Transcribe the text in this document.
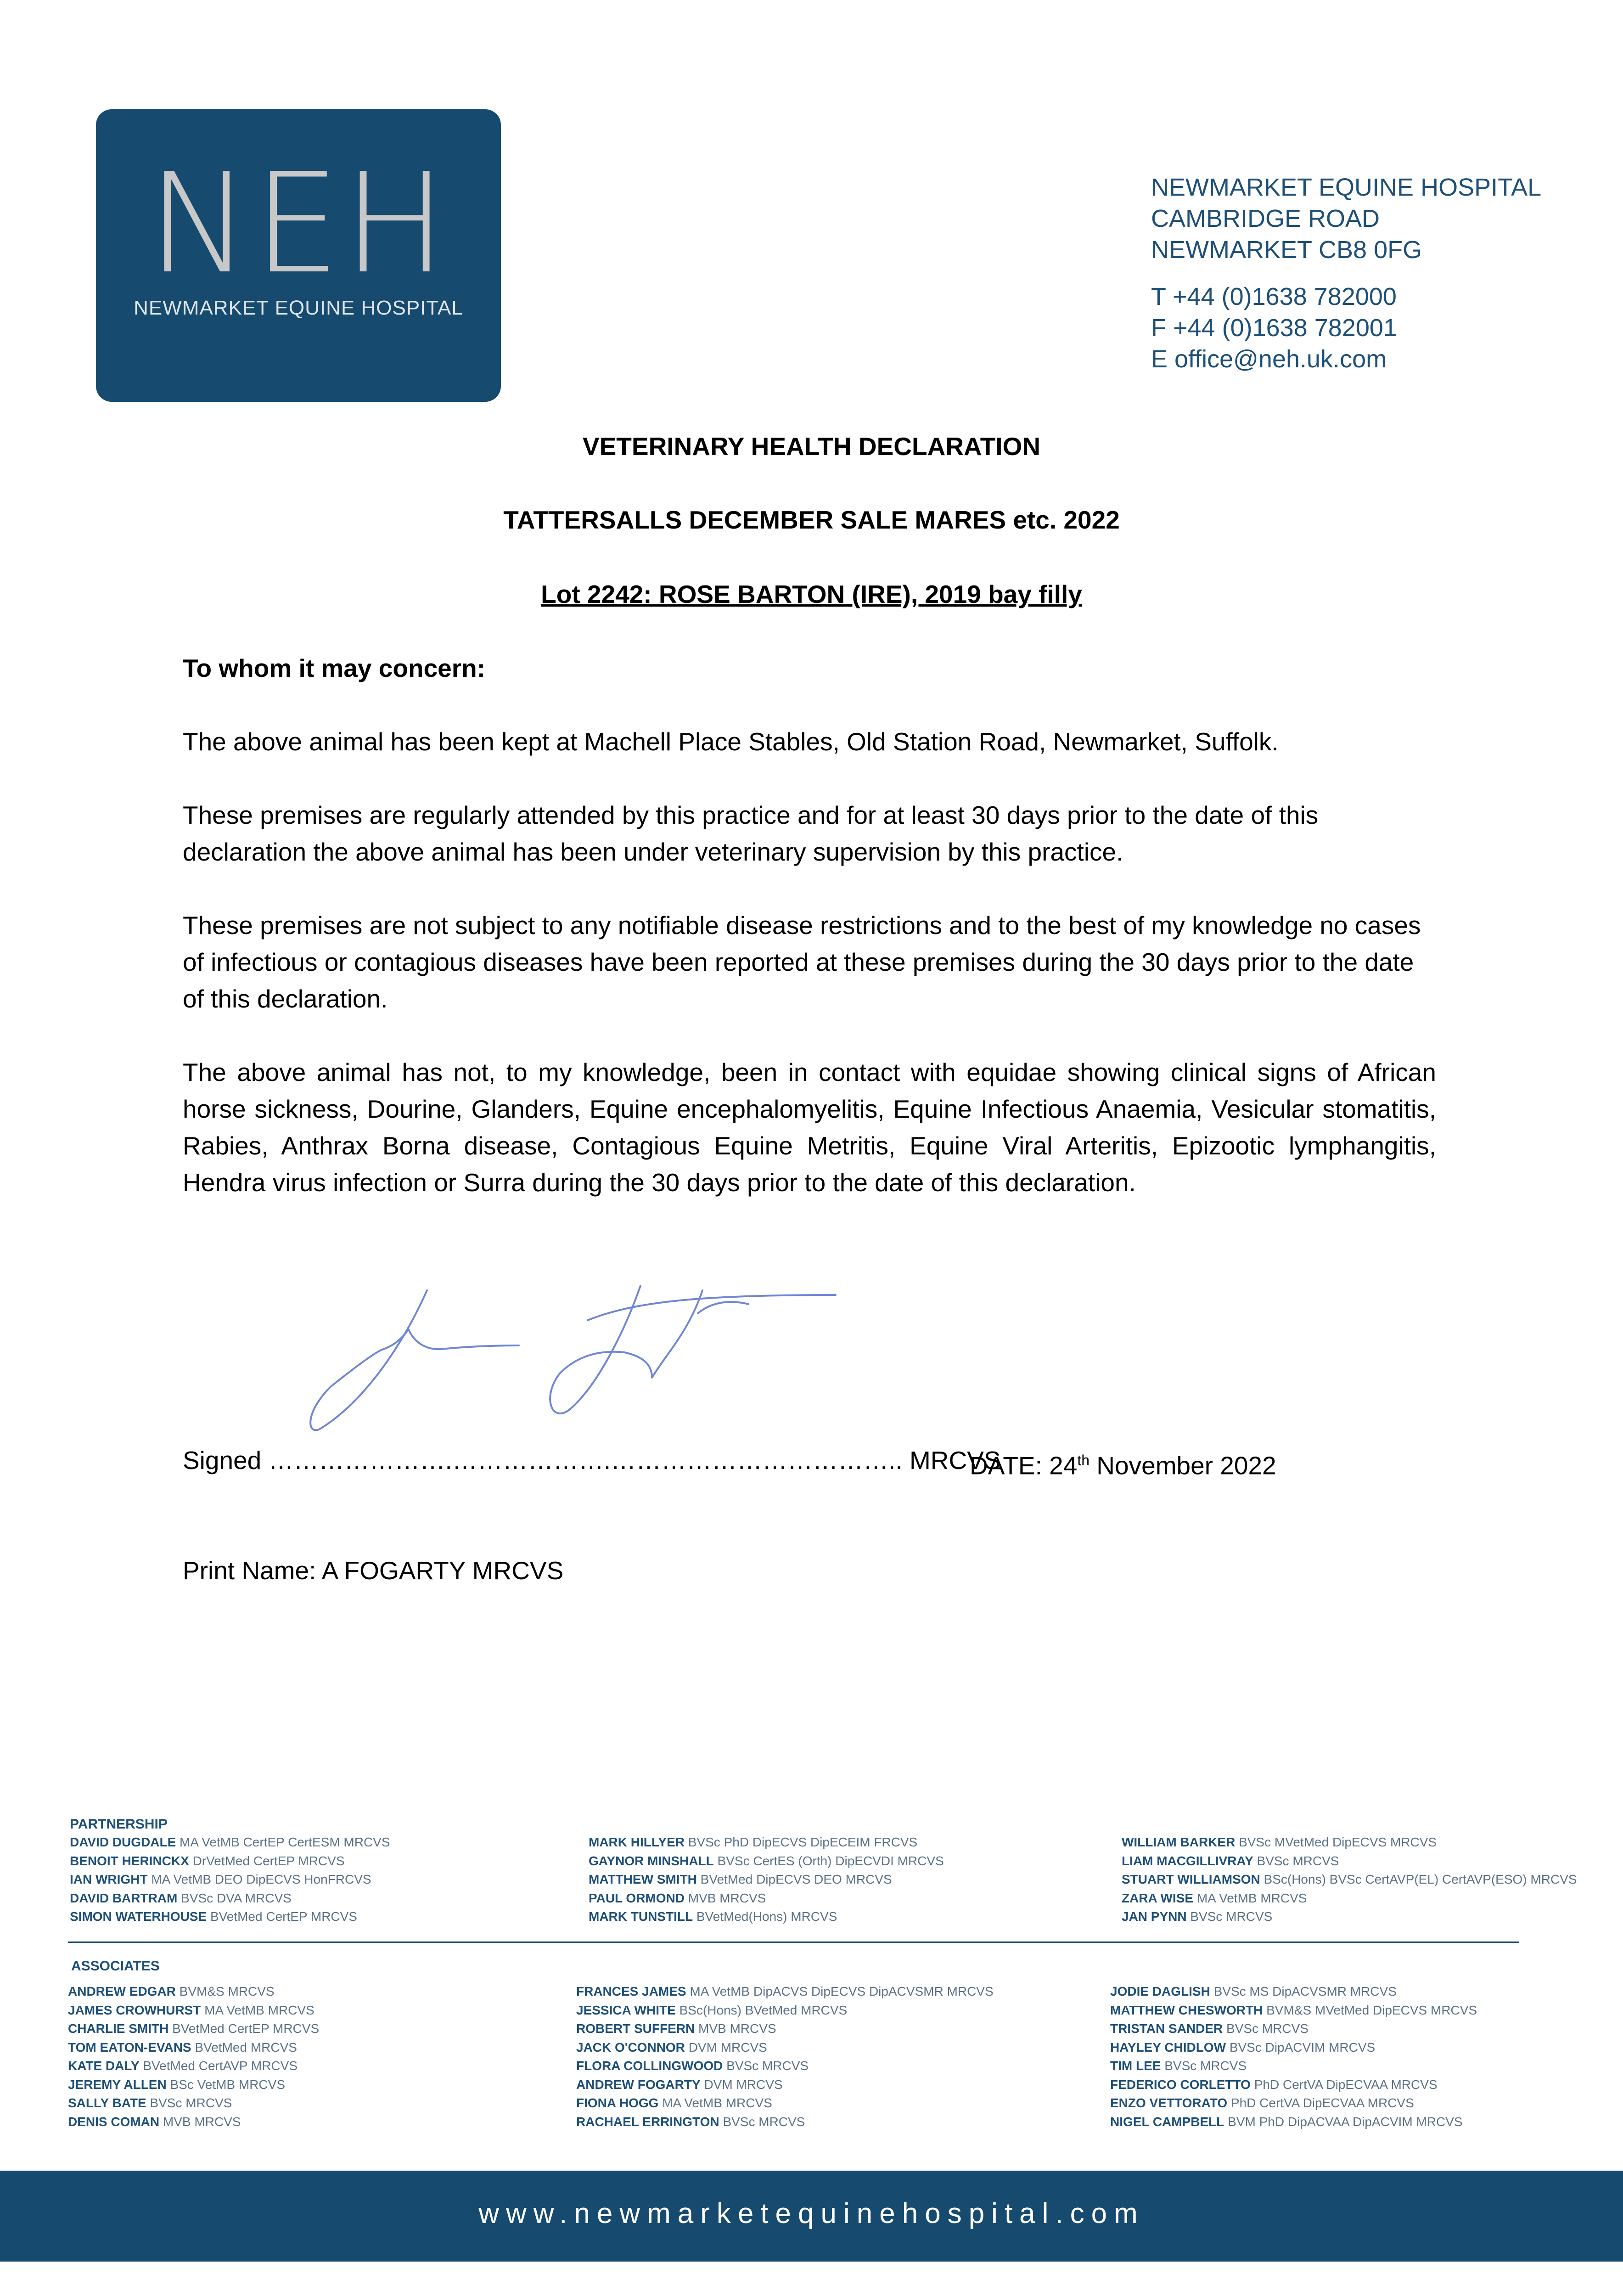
NEH
NEWMARKET EQUINE HOSPITAL
NEWMARKET EQUINE HOSPITAL
CAMBRIDGE ROAD
NEWMARKET CB8 0FG
T +44 (0)1638 782000
F +44 (0)1638 782001
E office@neh.uk.com
VETERINARY HEALTH DECLARATION
TATTERSALLS DECEMBER SALE MARES etc. 2022
Lot 2242: ROSE BARTON (IRE), 2019 bay filly
To whom it may concern:
The above animal has been kept at Machell Place Stables, Old Station Road, Newmarket, Suffolk.
These premises are regularly attended by this practice and for at least 30 days prior to the date of this declaration the above animal has been under veterinary supervision by this practice.
These premises are not subject to any notifiable disease restrictions and to the best of my knowledge no cases of infectious or contagious diseases have been reported at these premises during the 30 days prior to the date of this declaration.
The above animal has not, to my knowledge, been in contact with equidae showing clinical signs of African horse sickness, Dourine, Glanders, Equine encephalomyelitis, Equine Infectious Anaemia, Vesicular stomatitis, Rabies, Anthrax Borna disease, Contagious Equine Metritis, Equine Viral Arteritis, Epizootic lymphangitis, Hendra virus infection or Surra during the 30 days prior to the date of this declaration.
Signed ………………….……………….…………………………….. MRCVS
DATE: 24th November 2022
Print Name: A FOGARTY MRCVS
PARTNERSHIP
DAVID DUGDALE MA VetMB CertEP CertESM MRCVS
BENOIT HERINCKX DrVetMed CertEP MRCVS
IAN WRIGHT MA VetMB DEO DipECVS HonFRCVS
DAVID BARTRAM BVSc DVA MRCVS
SIMON WATERHOUSE BVetMed CertEP MRCVS
MARK HILLYER BVSc PhD DipECVS DipECEIM FRCVS
GAYNOR MINSHALL BVSc CertES (Orth) DipECVDI MRCVS
MATTHEW SMITH BVetMed DipECVS DEO MRCVS
PAUL ORMOND MVB MRCVS
MARK TUNSTILL BVetMed(Hons) MRCVS
WILLIAM BARKER BVSc MVetMed DipECVS MRCVS
LIAM MACGILLIVRAY BVSc MRCVS
STUART WILLIAMSON BSc(Hons) BVSc CertAVP(EL) CertAVP(ESO) MRCVS
ZARA WISE MA VetMB MRCVS
JAN PYNN BVSc MRCVS
ASSOCIATES
ANDREW EDGAR BVM&S MRCVS
JAMES CROWHURST MA VetMB MRCVS
CHARLIE SMITH BVetMed CertEP MRCVS
TOM EATON-EVANS BVetMed MRCVS
KATE DALY BVetMed CertAVP MRCVS
JEREMY ALLEN BSc VetMB MRCVS
SALLY BATE BVSc MRCVS
DENIS COMAN MVB MRCVS
FRANCES JAMES MA VetMB DipACVS DipECVS DipACVSMR MRCVS
JESSICA WHITE BSc(Hons) BVetMed MRCVS
ROBERT SUFFERN MVB MRCVS
JACK O'CONNOR DVM MRCVS
FLORA COLLINGWOOD BVSc MRCVS
ANDREW FOGARTY DVM MRCVS
FIONA HOGG MA VetMB MRCVS
RACHAEL ERRINGTON BVSc MRCVS
JODIE DAGLISH BVSc MS DipACVSMR MRCVS
MATTHEW CHESWORTH BVM&S MVetMed DipECVS MRCVS
TRISTAN SANDER BVSc MRCVS
HAYLEY CHIDLOW BVSc DipACVIM MRCVS
TIM LEE BVSc MRCVS
FEDERICO CORLETTO PhD CertVA DipECVAA MRCVS
ENZO VETTORATO PhD CertVA DipECVAA MRCVS
NIGEL CAMPBELL BVM PhD DipACVAA DipACVIM MRCVS
www.newmarketequinehospital.com
